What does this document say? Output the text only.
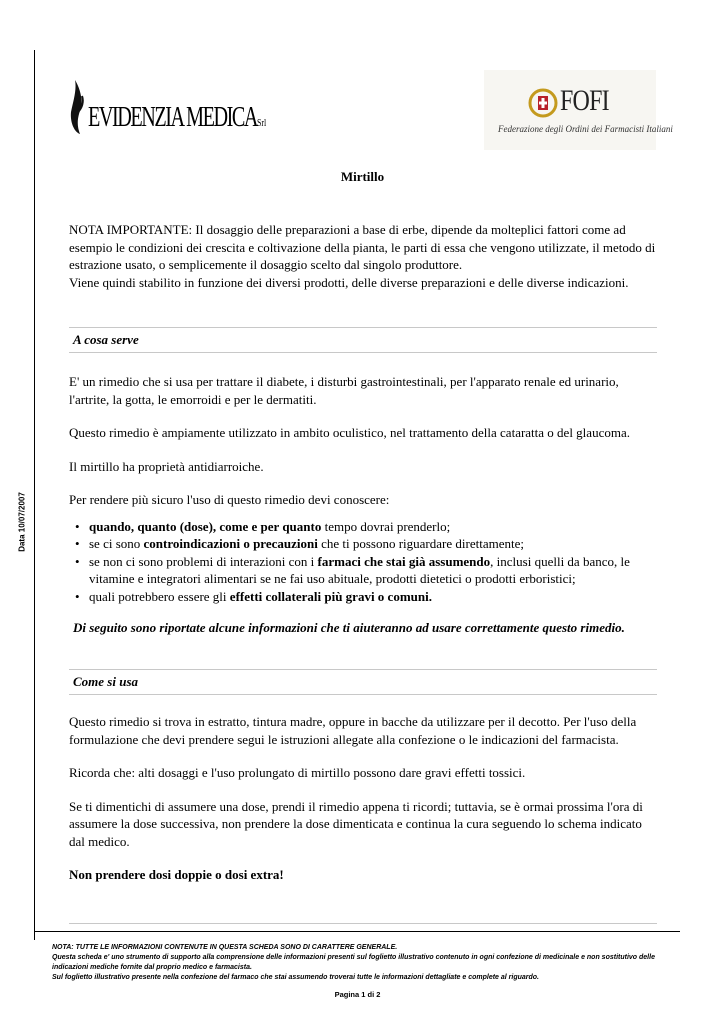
Data 10/07/2007
EVIDENZIA MEDICASrl
FOFI
Federazione degli Ordini dei Farmacisti Italiani
Mirtillo

NOTA IMPORTANTE: Il dosaggio delle preparazioni a base di erbe, dipende da molteplici fattori come ad esempio le condizioni dei crescita e coltivazione della pianta, le parti di essa che vengono utilizzate, il metodo di estrazione usato, o semplicemente il dosaggio scelto dal singolo produttore.

Viene quindi stabilito in funzione dei diversi prodotti, delle diverse preparazioni e delle diverse indicazioni.

A cosa serve

E' un rimedio che si usa per trattare il diabete, i disturbi gastrointestinali, per l'apparato renale ed urinario, l'artrite, la gotta, le emorroidi e per le dermatiti.

Questo rimedio è ampiamente utilizzato in ambito oculistico, nel trattamento della cataratta o del glaucoma.

Il mirtillo ha proprietà antidiarroiche.

Per rendere più sicuro l'uso di questo rimedio devi conoscere:

• quando, quanto (dose), come e per quanto tempo dovrai prenderlo;
• se ci sono controindicazioni o precauzioni che ti possono riguardare direttamente;
• se non ci sono problemi di interazioni con i farmaci che stai già assumendo, inclusi quelli da banco, le vitamine e integratori alimentari se ne fai uso abituale, prodotti dietetici o prodotti erboristici;
• quali potrebbero essere gli effetti collaterali più gravi o comuni.

Di seguito sono riportate alcune informazioni che ti aiuteranno ad usare correttamente questo rimedio.

Come si usa

Questo rimedio si trova in estratto, tintura madre, oppure in bacche da utilizzare per il decotto. Per l'uso della formulazione che devi prendere segui le istruzioni allegate alla confezione o le indicazioni del farmacista.

Ricorda che: alti dosaggi e l'uso prolungato di mirtillo possono dare gravi effetti tossici.

Se ti dimentichi di assumere una dose, prendi il rimedio appena ti ricordi; tuttavia, se è ormai prossima l'ora di assumere la dose successiva, non prendere la dose dimenticata e continua la cura seguendo lo schema indicato dal medico.

Non prendere dosi doppie o dosi extra!

NOTA: TUTTE LE INFORMAZIONI CONTENUTE IN QUESTA SCHEDA SONO DI CARATTERE GENERALE.

Questa scheda e' uno strumento di supporto alla comprensione delle informazioni presenti sul foglietto illustrativo contenuto in ogni confezione di medicinale e non sostitutivo delle indicazioni mediche fornite dal proprio medico e farmacista.

Sul foglietto illustrativo presente nella confezione del farmaco che stai assumendo troverai tutte le informazioni dettagliate e complete al riguardo.

Pagina 1 di 2
